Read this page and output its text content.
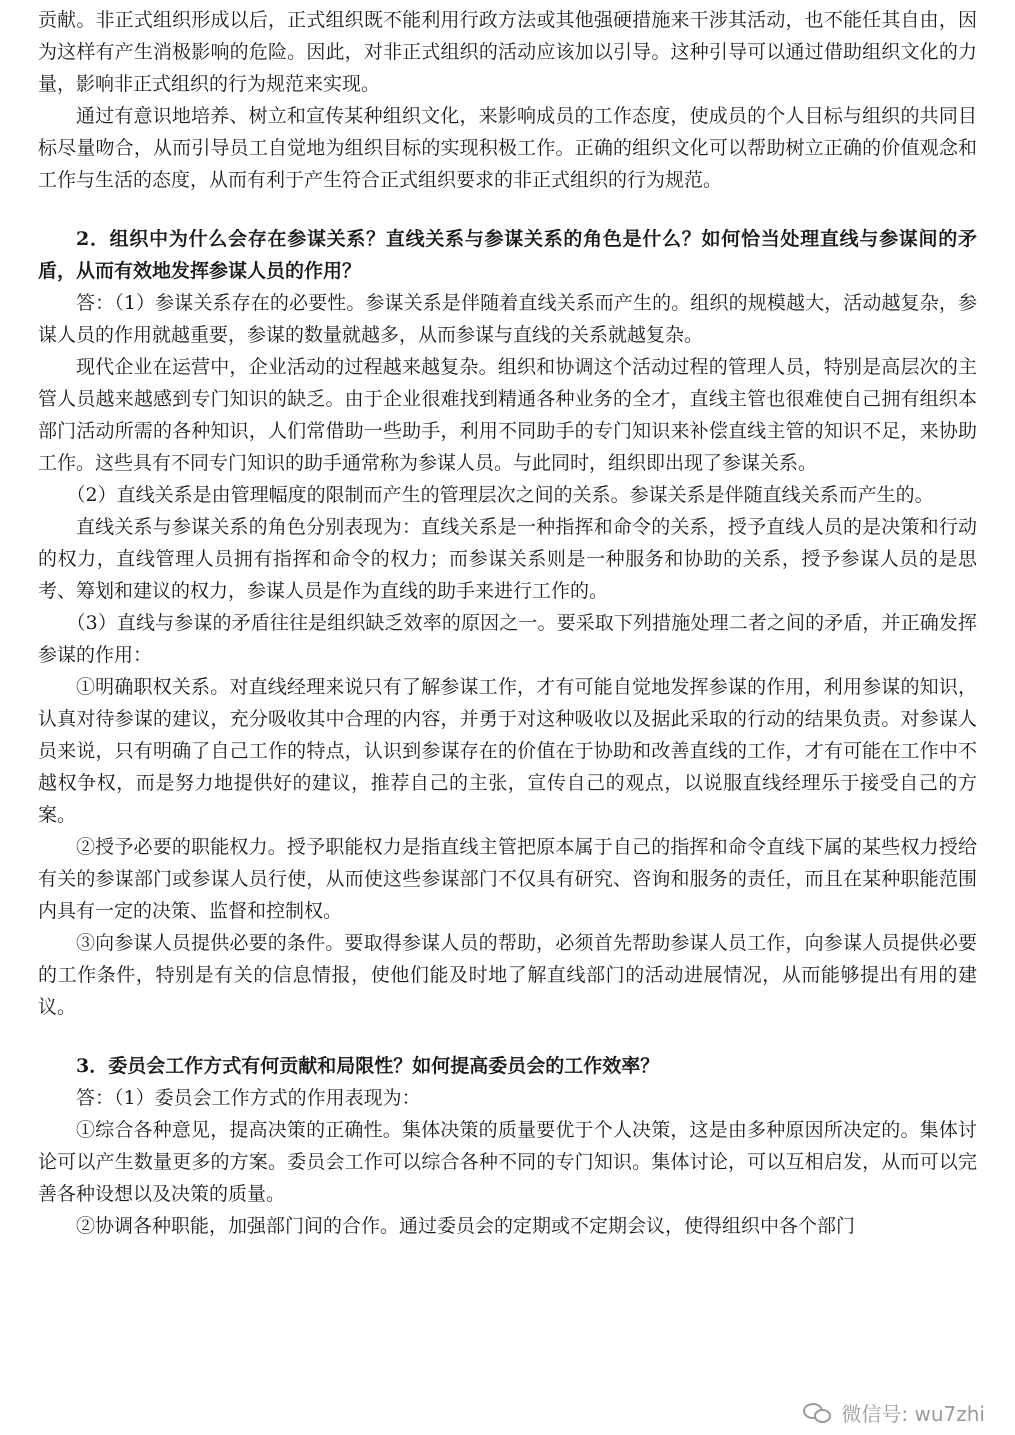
贡献。非正式组织形成以后，正式组织既不能利用行政方法或其他强硬措施来干涉其活动，也不能任其自由，因为这样有产生消极影响的危险。因此，对非正式组织的活动应该加以引导。这种引导可以通过借助组织文化的力量，影响非正式组织的行为规范来实现。

通过有意识地培养、树立和宣传某种组织文化，来影响成员的工作态度，使成员的个人目标与组织的共同目标尽量吻合，从而引导员工自觉地为组织目标的实现积极工作。正确的组织文化可以帮助树立正确的价值观念和工作与生活的态度，从而有利于产生符合正式组织要求的非正式组织的行为规范。

2．组织中为什么会存在参谋关系？直线关系与参谋关系的角色是什么？如何恰当处理直线与参谋间的矛盾，从而有效地发挥参谋人员的作用？

答：（1）参谋关系存在的必要性。参谋关系是伴随着直线关系而产生的。组织的规模越大，活动越复杂，参谋人员的作用就越重要，参谋的数量就越多，从而参谋与直线的关系就越复杂。

现代企业在运营中，企业活动的过程越来越复杂。组织和协调这个活动过程的管理人员，特别是高层次的主管人员越来越感到专门知识的缺乏。由于企业很难找到精通各种业务的全才，直线主管也很难使自己拥有组织本部门活动所需的各种知识，人们常借助一些助手，利用不同助手的专门知识来补偿直线主管的知识不足，来协助工作。这些具有不同专门知识的助手通常称为参谋人员。与此同时，组织即出现了参谋关系。

（2）直线关系是由管理幅度的限制而产生的管理层次之间的关系。参谋关系是伴随直线关系而产生的。

直线关系与参谋关系的角色分别表现为：直线关系是一种指挥和命令的关系，授予直线人员的是决策和行动的权力，直线管理人员拥有指挥和命令的权力；而参谋关系则是一种服务和协助的关系，授予参谋人员的是思考、筹划和建议的权力，参谋人员是作为直线的助手来进行工作的。

（3）直线与参谋的矛盾往往是组织缺乏效率的原因之一。要采取下列措施处理二者之间的矛盾，并正确发挥参谋的作用：

①明确职权关系。对直线经理来说只有了解参谋工作，才有可能自觉地发挥参谋的作用，利用参谋的知识，认真对待参谋的建议，充分吸收其中合理的内容，并勇于对这种吸收以及据此采取的行动的结果负责。对参谋人员来说，只有明确了自己工作的特点，认识到参谋存在的价值在于协助和改善直线的工作，才有可能在工作中不越权争权，而是努力地提供好的建议，推荐自己的主张，宣传自己的观点，以说服直线经理乐于接受自己的方案。

②授予必要的职能权力。授予职能权力是指直线主管把原本属于自己的指挥和命令直线下属的某些权力授给有关的参谋部门或参谋人员行使，从而使这些参谋部门不仅具有研究、咨询和服务的责任，而且在某种职能范围内具有一定的决策、监督和控制权。

③向参谋人员提供必要的条件。要取得参谋人员的帮助，必须首先帮助参谋人员工作，向参谋人员提供必要的工作条件，特别是有关的信息情报，使他们能及时地了解直线部门的活动进展情况，从而能够提出有用的建议。

3．委员会工作方式有何贡献和局限性？如何提高委员会的工作效率？

答：（1）委员会工作方式的作用表现为：

①综合各种意见，提高决策的正确性。集体决策的质量要优于个人决策，这是由多种原因所决定的。集体讨论可以产生数量更多的方案。委员会工作可以综合各种不同的专门知识。集体讨论，可以互相启发，从而可以完善各种设想以及决策的质量。

②协调各种职能，加强部门间的合作。通过委员会的定期或不定期会议，使得组织中各个部门

微信号: wu7zhi
